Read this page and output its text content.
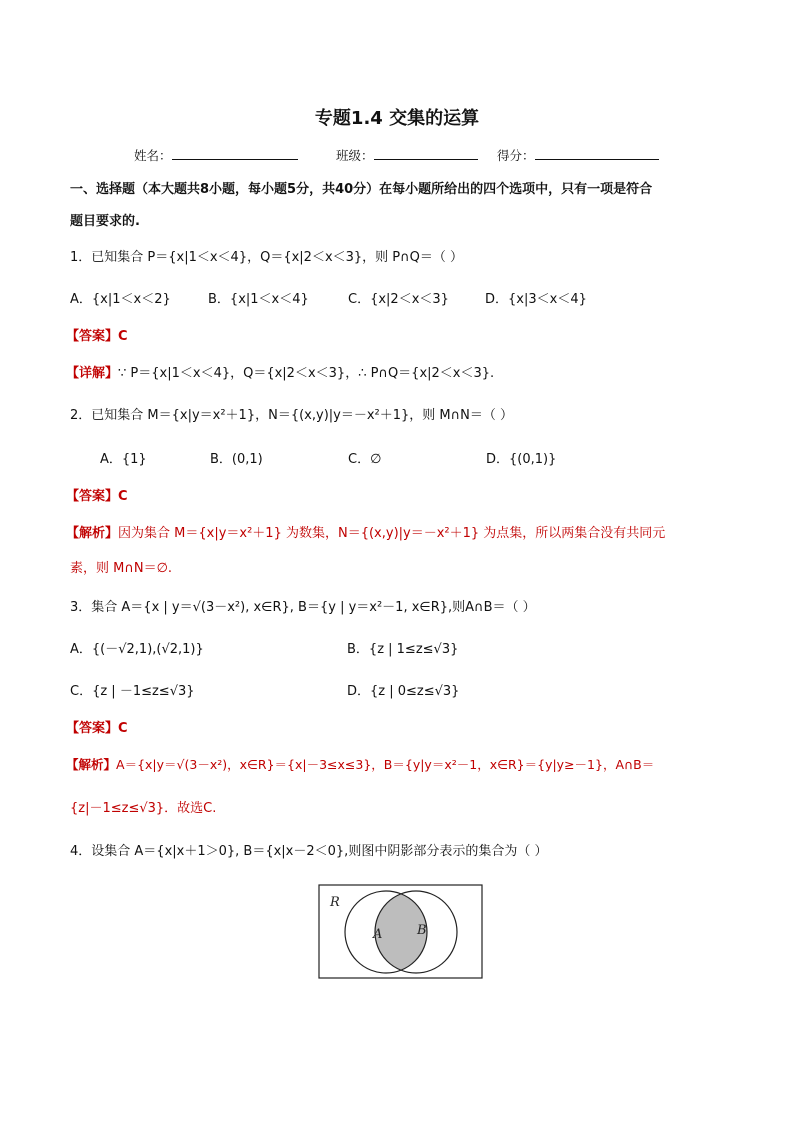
专题1.4 交集的运算
姓名：	班级：	得分：
一、选择题（本大题共8小题，每小题5分，共40分）在每小题所给出的四个选项中，只有一项是符合
题目要求的.
1．已知集合 P＝{x|1＜x＜4}，Q＝{x|2＜x＜3}，则 P∩Q＝（ ）
A．{x|1＜x＜2}	B．{x|1＜x＜4}	C．{x|2＜x＜3}	D．{x|3＜x＜4}
【答案】C
【详解】∵ P＝{x|1＜x＜4}，Q＝{x|2＜x＜3}，∴ P∩Q＝{x|2＜x＜3}.
2．已知集合 M＝{x|y＝x²＋1}，N＝{(x,y)|y＝－x²＋1}，则 M∩N＝（ ）
A．{1}	B．(0,1)	C．∅	D．{(0,1)}
【答案】C
【解析】因为集合 M＝{x|y＝x²＋1} 为数集，N＝{(x,y)|y＝－x²＋1} 为点集，所以两集合没有共同元
素，则 M∩N＝∅.
3．集合 A＝{x | y＝√(3－x²), x∈R}, B＝{y | y＝x²－1, x∈R},则A∩B＝（ ）
A．{(－√2,1),(√2,1)}	B．{z | 1≤z≤√3}
C．{z | －1≤z≤√3}	D．{z | 0≤z≤√3}
【答案】C
【解析】A＝{x|y＝√(3－x²)，x∈R}＝{x|－3≤x≤3}，B＝{y|y＝x²－1，x∈R}＝{y|y≥－1}，A∩B＝
{z|－1≤z≤√3}．故选C.
4．设集合 A＝{x|x＋1＞0}, B＝{x|x－2＜0},则图中阴影部分表示的集合为（ ）
R
A	B
